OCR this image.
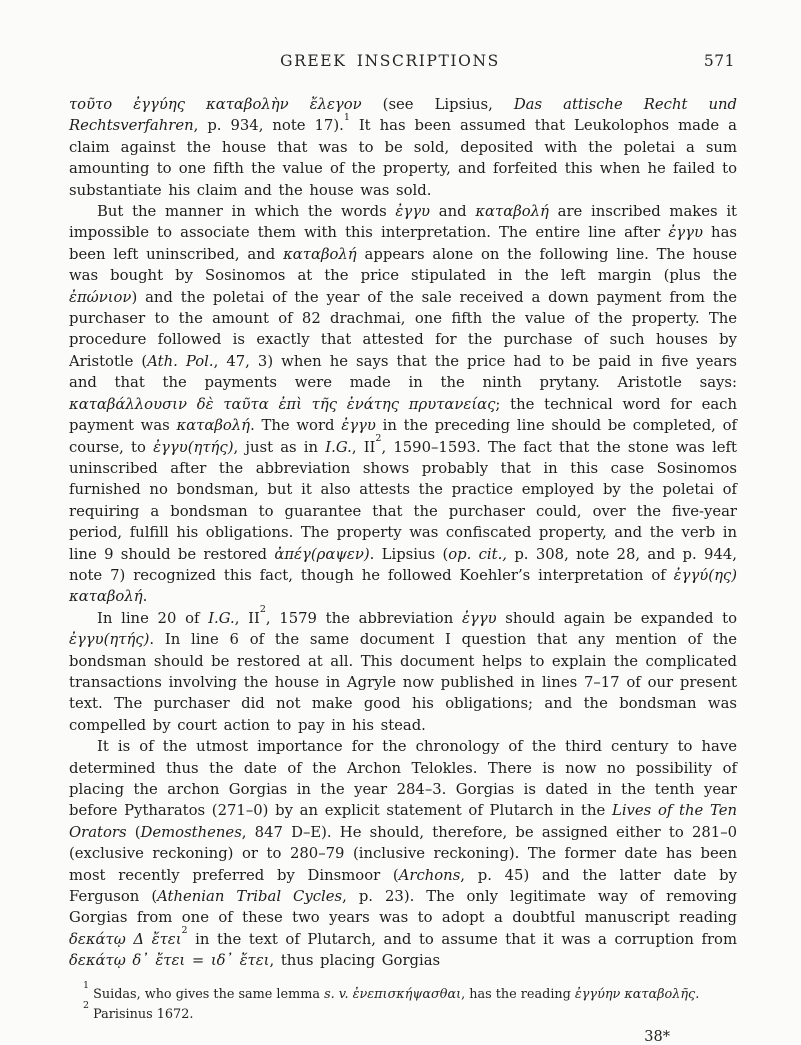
GREEK INSCRIPTIONS	571

τοῦτο ἐγγύης καταβολὴν ἔλεγον (see Lipsius, Das attische Recht und Rechtsverfahren, p. 934, note 17).$^1$ It has been assumed that Leukolophos made a claim against the house that was to be sold, deposited with the poletai a sum amounting to one fifth the value of the property, and forfeited this when he failed to substantiate his claim and the house was sold.

But the manner in which the words ἐγγυ and καταβολή are inscribed makes it impossible to associate them with this interpretation. The entire line after ἐγγυ has been left uninscribed, and καταβολή appears alone on the following line. The house was bought by Sosinomos at the price stipulated in the left margin (plus the ἐπώνιον) and the poletai of the year of the sale received a down payment from the purchaser to the amount of 82 drachmai, one fifth the value of the property. The procedure followed is exactly that attested for the purchase of such houses by Aristotle (Ath. Pol., 47, 3) when he says that the price had to be paid in five years and that the payments were made in the ninth prytany. Aristotle says: καταβάλλουσιν δὲ ταῦτα ἐπὶ τῆς ἐνάτης πρυτανείας; the technical word for each payment was καταβολή. The word ἐγγυ in the preceding line should be completed, of course, to ἐγγυ(ητής), just as in I.G., II$^2$, 1590–1593. The fact that the stone was left uninscribed after the abbreviation shows probably that in this case Sosinomos furnished no bondsman, but it also attests the practice employed by the poletai of requiring a bondsman to guarantee that the purchaser could, over the five-year period, fulfill his obligations. The property was confiscated property, and the verb in line 9 should be restored ἀπέγ(ραψεν). Lipsius (op. cit., p. 308, note 28, and p. 944, note 7) recognized this fact, though he followed Koehler’s interpretation of ἐγγύ(ης) καταβολή.

In line 20 of I.G., II$^2$, 1579 the abbreviation ἐγγυ should again be expanded to ἐγγυ(ητής). In line 6 of the same document I question that any mention of the bondsman should be restored at all. This document helps to explain the complicated transactions involving the house in Agryle now published in lines 7–17 of our present text. The purchaser did not make good his obligations; and the bondsman was compelled by court action to pay in his stead.

It is of the utmost importance for the chronology of the third century to have determined thus the date of the Archon Telokles. There is now no possibility of placing the archon Gorgias in the year 284–3. Gorgias is dated in the tenth year before Pytharatos (271–0) by an explicit statement of Plutarch in the Lives of the Ten Orators (Demosthenes, 847 D–E). He should, therefore, be assigned either to 281–0 (exclusive reckoning) or to 280–79 (inclusive reckoning). The former date has been most recently preferred by Dinsmoor (Archons, p. 45) and the latter date by Ferguson (Athenian Tribal Cycles, p. 23). The only legitimate way of removing Gorgias from one of these two years was to adopt a doubtful manuscript reading δεκάτῳ Δ ἔτει$^2$ in the text of Plutarch, and to assume that it was a corruption from δεκάτῳ δ᾽ ἔτει = ιδ᾽ ἔτει, thus placing Gorgias

$^1$ Suidas, who gives the same lemma s. v. ἐνεπισκήψασθαι, has the reading ἐγγύην καταβολῆς.

$^2$ Parisinus 1672.

38*
